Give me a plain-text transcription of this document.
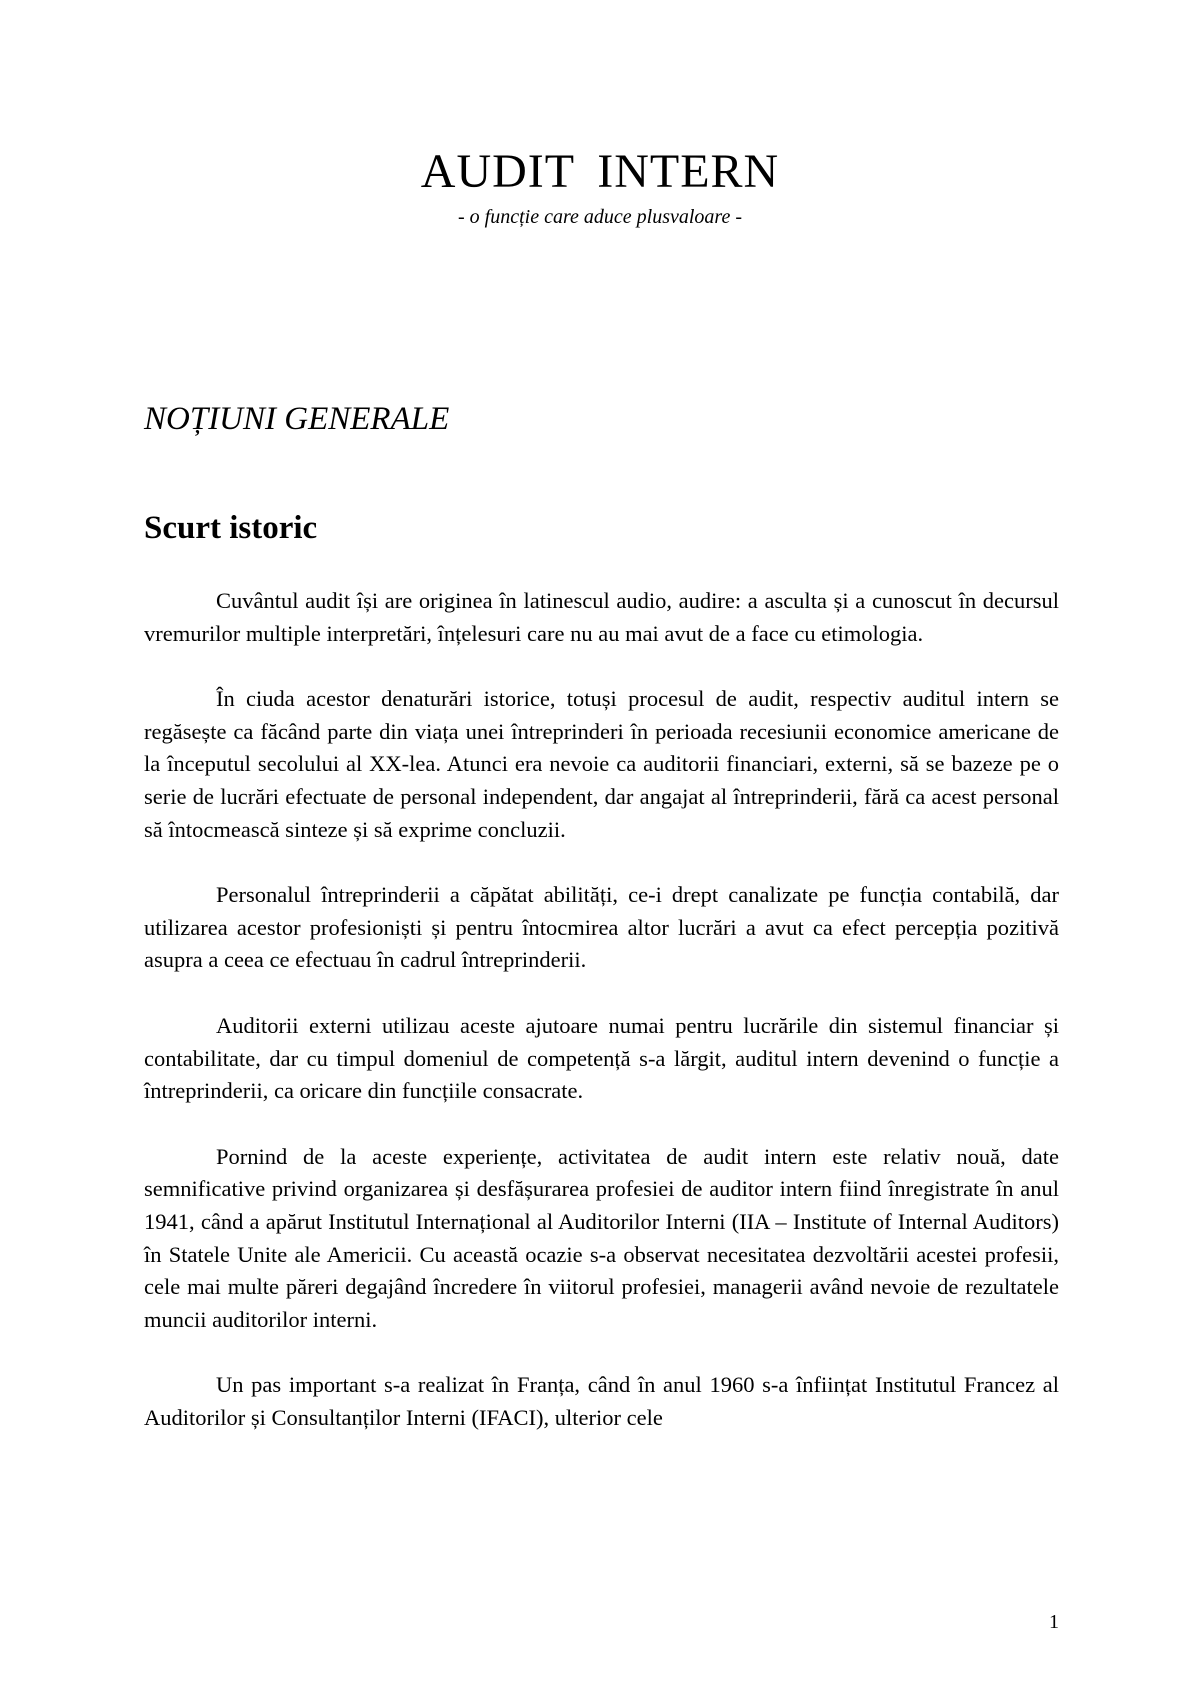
AUDIT INTERN
- o funcție care aduce plusvaloare -
NOȚIUNI GENERALE
Scurt istoric

Cuvântul audit își are originea în latinescul audio, audire: a asculta și a cunoscut în decursul vremurilor multiple interpretări, înțelesuri care nu au mai avut de a face cu etimologia.

În ciuda acestor denaturări istorice, totuși procesul de audit, respectiv auditul intern se regăsește ca făcând parte din viața unei întreprinderi în perioada recesiunii economice americane de la începutul secolului al XX-lea. Atunci era nevoie ca auditorii financiari, externi, să se bazeze pe o serie de lucrări efectuate de personal independent, dar angajat al întreprinderii, fără ca acest personal să întocmească sinteze și să exprime concluzii.

Personalul întreprinderii a căpătat abilități, ce-i drept canalizate pe funcția contabilă, dar utilizarea acestor profesioniști și pentru întocmirea altor lucrări a avut ca efect percepția pozitivă asupra a ceea ce efectuau în cadrul întreprinderii.

Auditorii externi utilizau aceste ajutoare numai pentru lucrările din sistemul financiar și contabilitate, dar cu timpul domeniul de competență s-a lărgit, auditul intern devenind o funcție a întreprinderii, ca oricare din funcțiile consacrate.

Pornind de la aceste experiențe, activitatea de audit intern este relativ nouă, date semnificative privind organizarea și desfășurarea profesiei de auditor intern fiind înregistrate în anul 1941, când a apărut Institutul Internațional al Auditorilor Interni (IIA – Institute of Internal Auditors) în Statele Unite ale Americii. Cu această ocazie s-a observat necesitatea dezvoltării acestei profesii, cele mai multe păreri degajând încredere în viitorul profesiei, managerii având nevoie de rezultatele muncii auditorilor interni.

Un pas important s-a realizat în Franța, când în anul 1960 s-a înființat Institutul Francez al Auditorilor și Consultanților Interni (IFACI), ulterior cele

1
